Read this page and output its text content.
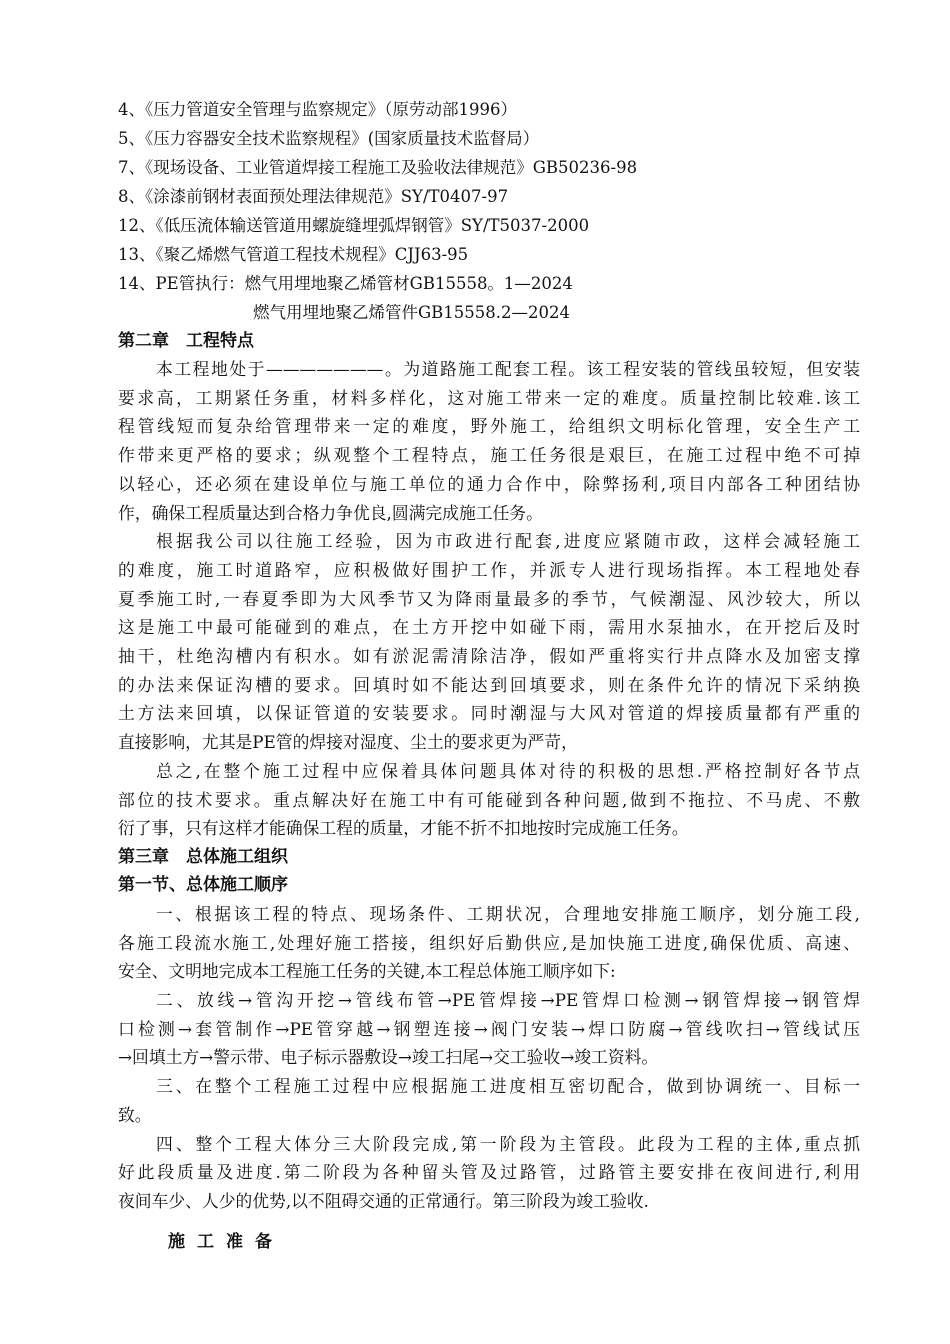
4、《压力管道安全管理与监察规定》（原劳动部1996）
5、《压力容器安全技术监察规程》(国家质量技术监督局）
7、《现场设备、工业管道焊接工程施工及验收法律规范》GB50236-98
8、《涂漆前钢材表面预处理法律规范》SY/T0407-97
12、《低压流体输送管道用螺旋缝埋弧焊钢管》SY/T5037-2000
13、《聚乙烯燃气管道工程技术规程》CJJ63-95
14、PE管执行：燃气用埋地聚乙烯管材GB15558。1—2024
燃气用埋地聚乙烯管件GB15558.2—2024
第二章　工程特点

本工程地处于———————。为道路施工配套工程。该工程安装的管线虽较短，但安装
要求高，工期紧任务重，材料多样化，这对施工带来一定的难度。质量控制比较难.该工
程管线短而复杂给管理带来一定的难度，野外施工，给组织文明标化管理，安全生产工
作带来更严格的要求；纵观整个工程特点，施工任务很是艰巨，在施工过程中绝不可掉
以轻心，还必须在建设单位与施工单位的通力合作中，除弊扬利,项目内部各工种团结协
作，确保工程质量达到合格力争优良,圆满完成施工任务。

根据我公司以往施工经验，因为市政进行配套,进度应紧随市政，这样会减轻施工
的难度，施工时道路窄，应积极做好围护工作，并派专人进行现场指挥。本工程地处春
夏季施工时,一春夏季即为大风季节又为降雨量最多的季节，气候潮湿、风沙较大，所以
这是施工中最可能碰到的难点，在土方开挖中如碰下雨，需用水泵抽水，在开挖后及时
抽干，杜绝沟槽内有积水。如有淤泥需清除洁净，假如严重将实行井点降水及加密支撑
的办法来保证沟槽的要求。回填时如不能达到回填要求，则在条件允许的情况下采纳换
土方法来回填，以保证管道的安装要求。同时潮湿与大风对管道的焊接质量都有严重的
直接影响，尤其是PE管的焊接对湿度、尘土的要求更为严苛，

总之,在整个施工过程中应保着具体问题具体对待的积极的思想.严格控制好各节点
部位的技术要求。重点解决好在施工中有可能碰到各种问题,做到不拖拉、不马虎、不敷
衍了事，只有这样才能确保工程的质量，才能不折不扣地按时完成施工任务。

第三章　总体施工组织
第一节、总体施工顺序

一、根据该工程的特点、现场条件、工期状况，合理地安排施工顺序，划分施工段,
各施工段流水施工,处理好施工搭接，组织好后勤供应,是加快施工进度,确保优质、高速、
安全、文明地完成本工程施工任务的关键,本工程总体施工顺序如下:

二、放线→管沟开挖→管线布管→PE管焊接→PE管焊口检测→钢管焊接→钢管焊
口检测→套管制作→PE管穿越→钢塑连接→阀门安装→焊口防腐→管线吹扫→管线试压
→回填土方→警示带、电子标示器敷设→竣工扫尾→交工验收→竣工资料。

三、在整个工程施工过程中应根据施工进度相互密切配合，做到协调统一、目标一
致。

四、整个工程大体分三大阶段完成,第一阶段为主管段。此段为工程的主体,重点抓
好此段质量及进度.第二阶段为各种留头管及过路管，过路管主要安排在夜间进行,利用
夜间车少、人少的优势,以不阻碍交通的正常通行。第三阶段为竣工验收.

施工准备
